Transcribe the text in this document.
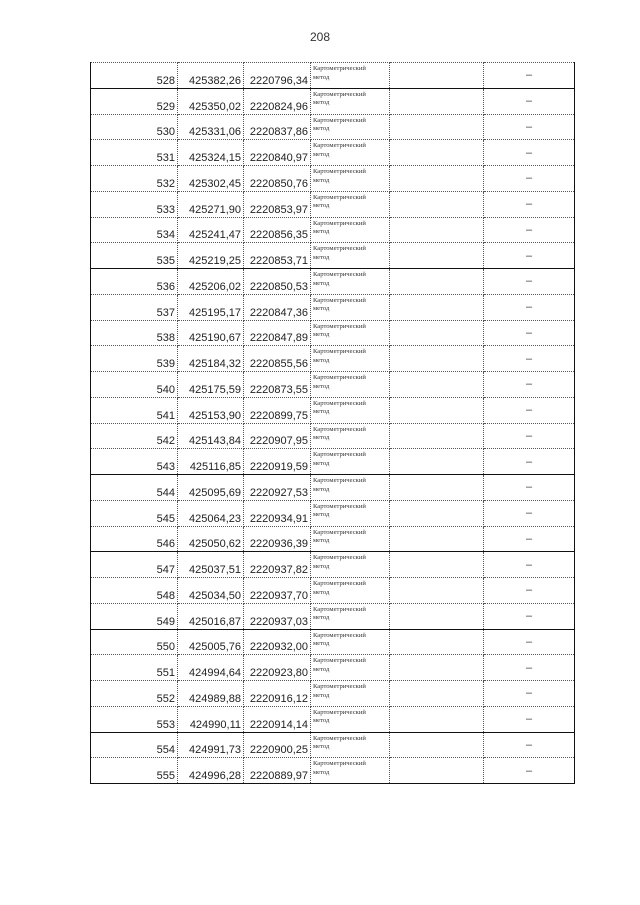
208
528	425382,26	2220796,34	Картометрический
метод		–
529	425350,02	2220824,96	Картометрический
метод		–
530	425331,06	2220837,86	Картометрический
метод		–
531	425324,15	2220840,97	Картометрический
метод		–
532	425302,45	2220850,76	Картометрический
метод		–
533	425271,90	2220853,97	Картометрический
метод		–
534	425241,47	2220856,35	Картометрический
метод		–
535	425219,25	2220853,71	Картометрический
метод		–
536	425206,02	2220850,53	Картометрический
метод		–
537	425195,17	2220847,36	Картометрический
метод		–
538	425190,67	2220847,89	Картометрический
метод		–
539	425184,32	2220855,56	Картометрический
метод		–
540	425175,59	2220873,55	Картометрический
метод		–
541	425153,90	2220899,75	Картометрический
метод		–
542	425143,84	2220907,95	Картометрический
метод		–
543	425116,85	2220919,59	Картометрический
метод		–
544	425095,69	2220927,53	Картометрический
метод		–
545	425064,23	2220934,91	Картометрический
метод		–
546	425050,62	2220936,39	Картометрический
метод		–
547	425037,51	2220937,82	Картометрический
метод		–
548	425034,50	2220937,70	Картометрический
метод		–
549	425016,87	2220937,03	Картометрический
метод		–
550	425005,76	2220932,00	Картометрический
метод		–
551	424994,64	2220923,80	Картометрический
метод		–
552	424989,88	2220916,12	Картометрический
метод		–
553	424990,11	2220914,14	Картометрический
метод		–
554	424991,73	2220900,25	Картометрический
метод		–
555	424996,28	2220889,97	Картометрический
метод		–
